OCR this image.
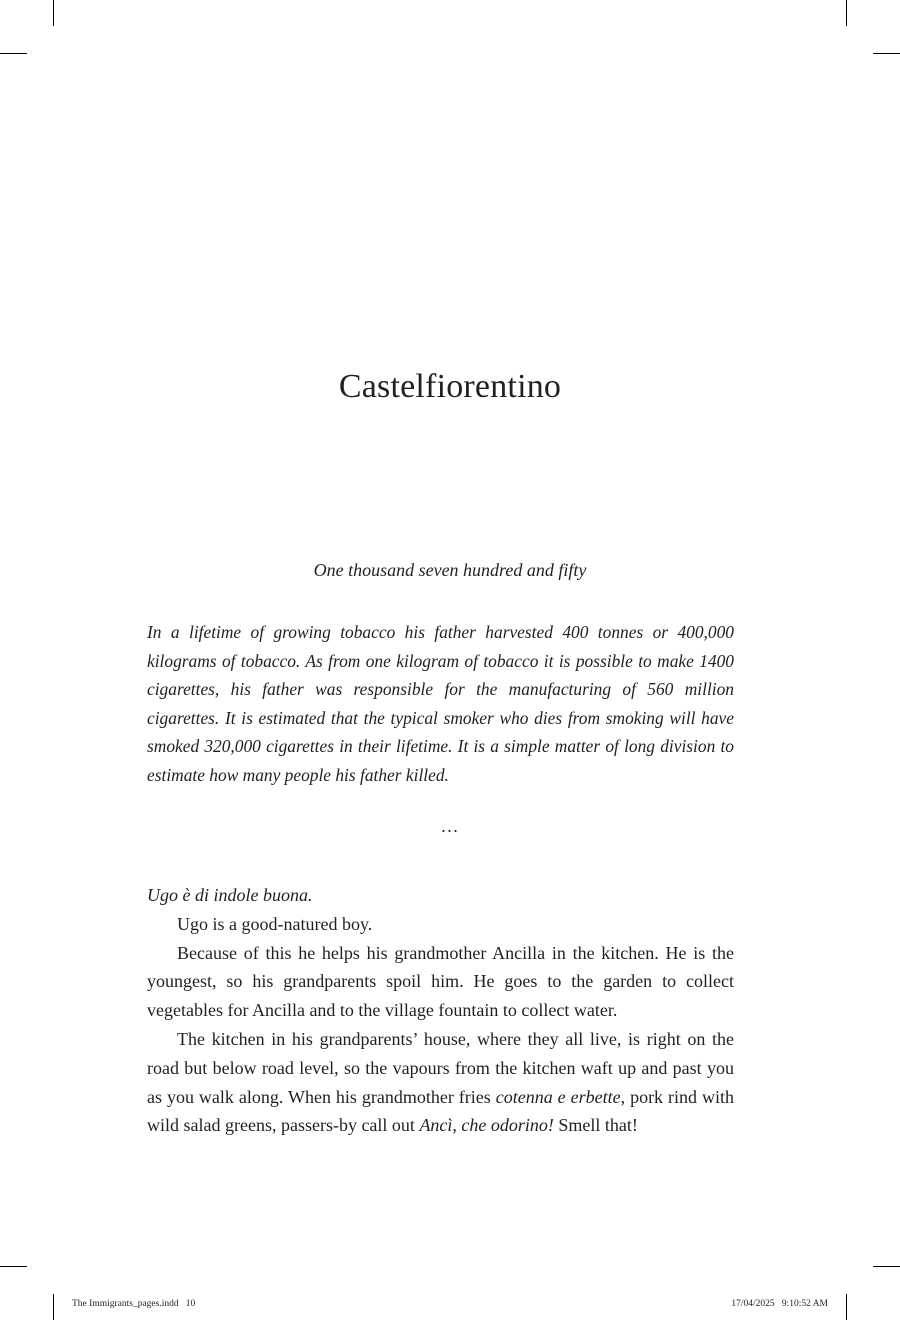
Castelfiorentino
One thousand seven hundred and fifty

In a lifetime of growing tobacco his father harvested 400 tonnes or 400,000 kilograms of tobacco. As from one kilogram of tobacco it is possible to make 1400 cigarettes, his father was responsible for the manufacturing of 560 million cigarettes. It is estimated that the typical smoker who dies from smoking will have smoked 320,000 cigarettes in their lifetime. It is a simple matter of long division to estimate how many people his father killed.

…

Ugo è di indole buona.

Ugo is a good-natured boy.

Because of this he helps his grandmother Ancilla in the kitchen. He is the youngest, so his grandparents spoil him. He goes to the garden to collect vegetables for Ancilla and to the village fountain to collect water.

The kitchen in his grandparents’ house, where they all live, is right on the road but below road level, so the vapours from the kitchen waft up and past you as you walk along. When his grandmother fries cotenna e erbette, pork rind with wild salad greens, passers-by call out Ancì, che odorino! Smell that!

The Immigrants_pages.indd   10	17/04/2025   9:10:52 AM
